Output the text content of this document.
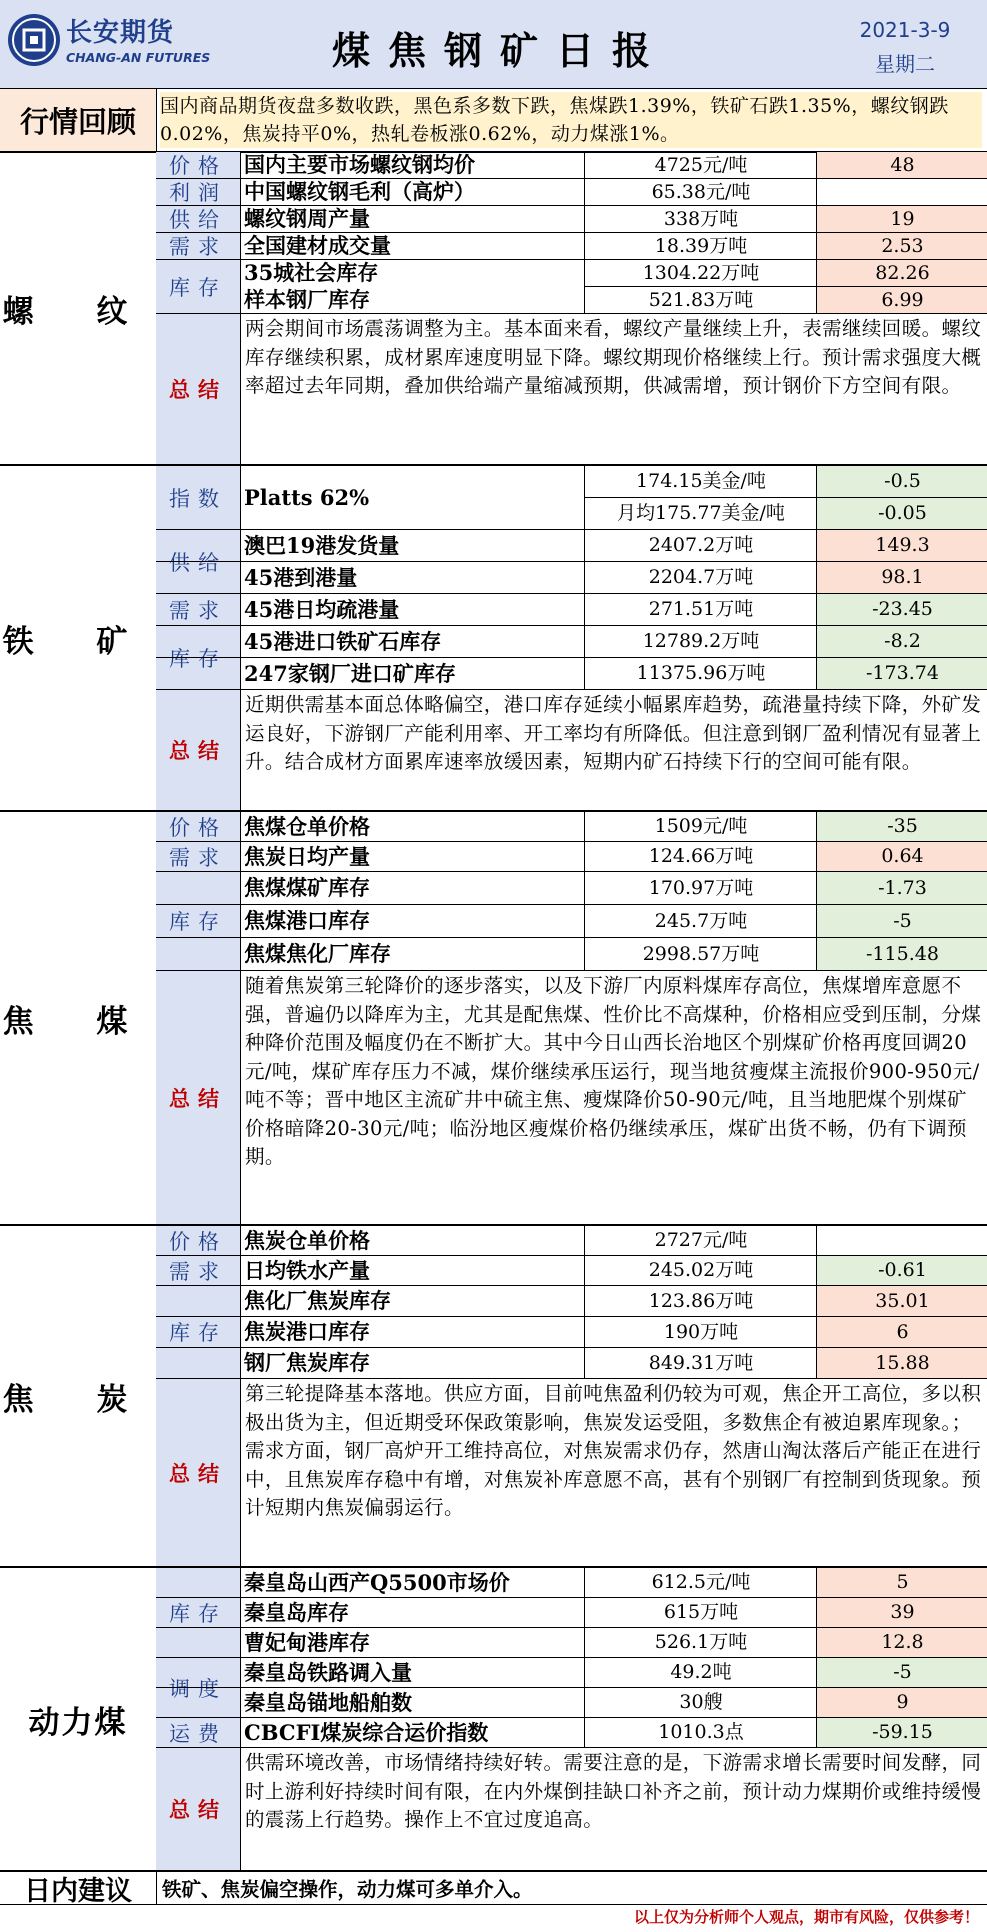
长安期货
CHANG-AN FUTURES	煤焦钢矿日报	2021-3-9
星期二
行情回顾	国内商品期货夜盘多数收跌，黑色系多数下跌，焦煤跌1.39%，铁矿石跌1.35%，螺纹钢跌0.02%，焦炭持平0%，热轧卷板涨0.62%，动力煤涨1%。
螺 纹
价格 国内主要市场螺纹钢均价	4725元/吨	48
利润 中国螺纹钢毛利（高炉）	65.38元/吨
供给 螺纹钢周产量	338万吨	19
需求 全国建材成交量	18.39万吨	2.53
库存
35城社会库存	1304.22万吨	82.26
样本钢厂库存	521.83万吨	6.99
总结
两会期间市场震荡调整为主。基本面来看，螺纹产量继续上升，表需继续回暖。螺纹库存继续积累，成材累库速度明显下降。螺纹期现价格继续上行。预计需求强度大概率超过去年同期，叠加供给端产量缩减预期，供减需增，预计钢价下方空间有限。
铁 矿
指数 Platts 62%
174.15美金/吨	-0.5
月均175.77美金/吨	-0.05
供给
澳巴19港发货量	2407.2万吨	149.3
45港到港量	2204.7万吨	98.1
需求 45港日均疏港量	271.51万吨	-23.45
库存
45港进口铁矿石库存	12789.2万吨	-8.2
247家钢厂进口矿库存	11375.96万吨	-173.74
总结
近期供需基本面总体略偏空，港口库存延续小幅累库趋势，疏港量持续下降，外矿发运良好，下游钢厂产能利用率、开工率均有所降低。但注意到钢厂盈利情况有显著上升。结合成材方面累库速率放缓因素，短期内矿石持续下行的空间可能有限。
焦 煤
价格 焦煤仓单价格	1509元/吨	-35
需求 焦炭日均产量	124.66万吨	0.64
库存
焦煤煤矿库存	170.97万吨	-1.73
焦煤港口库存	245.7万吨	-5
焦煤焦化厂库存	2998.57万吨	-115.48
总结
随着焦炭第三轮降价的逐步落实，以及下游厂内原料煤库存高位，焦煤增库意愿不强，普遍仍以降库为主，尤其是配焦煤、性价比不高煤种，价格相应受到压制，分煤种降价范围及幅度仍在不断扩大。其中今日山西长治地区个别煤矿价格再度回调20元/吨，煤矿库存压力不减，煤价继续承压运行，现当地贫瘦煤主流报价900-950元/吨不等；晋中地区主流矿井中硫主焦、瘦煤降价50-90元/吨，且当地肥煤个别煤矿价格暗降20-30元/吨；临汾地区瘦煤价格仍继续承压，煤矿出货不畅，仍有下调预期。
焦 炭
价格 焦炭仓单价格	2727元/吨
需求 日均铁水产量	245.02万吨	-0.61
库存
焦化厂焦炭库存	123.86万吨	35.01
焦炭港口库存	190万吨	6
钢厂焦炭库存	849.31万吨	15.88
总结
第三轮提降基本落地。供应方面，目前吨焦盈利仍较为可观，焦企开工高位，多以积极出货为主，但近期受环保政策影响，焦炭发运受阻，多数焦企有被迫累库现象。；需求方面，钢厂高炉开工维持高位，对焦炭需求仍存，然唐山淘汰落后产能正在进行中，且焦炭库存稳中有增，对焦炭补库意愿不高，甚有个别钢厂有控制到货现象。预计短期内焦炭偏弱运行。
动力煤
库存
秦皇岛山西产Q5500市场价	612.5元/吨	5
秦皇岛库存	615万吨	39
曹妃甸港库存	526.1万吨	12.8
调度
秦皇岛铁路调入量	49.2吨	-5
秦皇岛锚地船舶数	30艘	9
运费 CBCFI煤炭综合运价指数	1010.3点	-59.15
总结
供需环境改善，市场情绪持续好转。需要注意的是，下游需求增长需要时间发酵，同时上游利好持续时间有限，在内外煤倒挂缺口补齐之前，预计动力煤期价或维持缓慢的震荡上行趋势。操作上不宜过度追高。
日内建议	铁矿、焦炭偏空操作，动力煤可多单介入。
以上仅为分析师个人观点，期市有风险，仅供参考！
